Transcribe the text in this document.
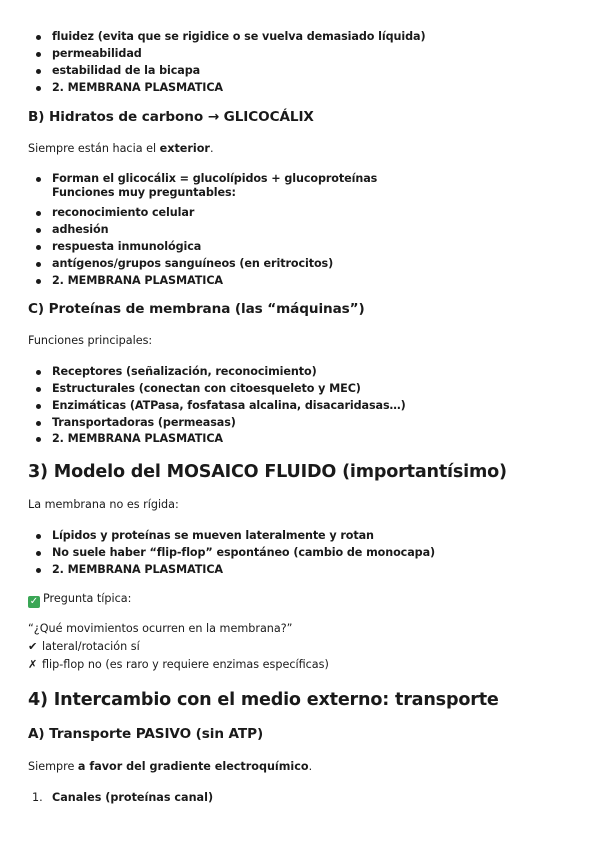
fluidez (evita que se rigidice o se vuelva demasiado líquida)
permeabilidad
estabilidad de la bicapa
2. MEMBRANA PLASMATICA
B) Hidratos de carbono → GLICOCÁLIX

Siempre están hacia el exterior.

Forman el glicocálix = glucolípidos + glucoproteínas
Funciones muy preguntables:
reconocimiento celular
adhesión
respuesta inmunológica
antígenos/grupos sanguíneos (en eritrocitos)
2. MEMBRANA PLASMATICA
C) Proteínas de membrana (las “máquinas”)

Funciones principales:

Receptores (señalización, reconocimiento)
Estructurales (conectan con citoesqueleto y MEC)
Enzimáticas (ATPasa, fosfatasa alcalina, disacaridasas…)
Transportadoras (permeasas)
2. MEMBRANA PLASMATICA
3) Modelo del MOSAICO FLUIDO (importantísimo)

La membrana no es rígida:

Lípidos y proteínas se mueven lateralmente y rotan
No suele haber “flip-flop” espontáneo (cambio de monocapa)
2. MEMBRANA PLASMATICA

✓ Pregunta típica:

“¿Qué movimientos ocurren en la membrana?”

✔ lateral/rotación sí

✗ flip-flop no (es raro y requiere enzimas específicas)

4) Intercambio con el medio externo: transporte
A) Transporte PASIVO (sin ATP)

Siempre a favor del gradiente electroquímico.

1. Canales (proteínas canal)
